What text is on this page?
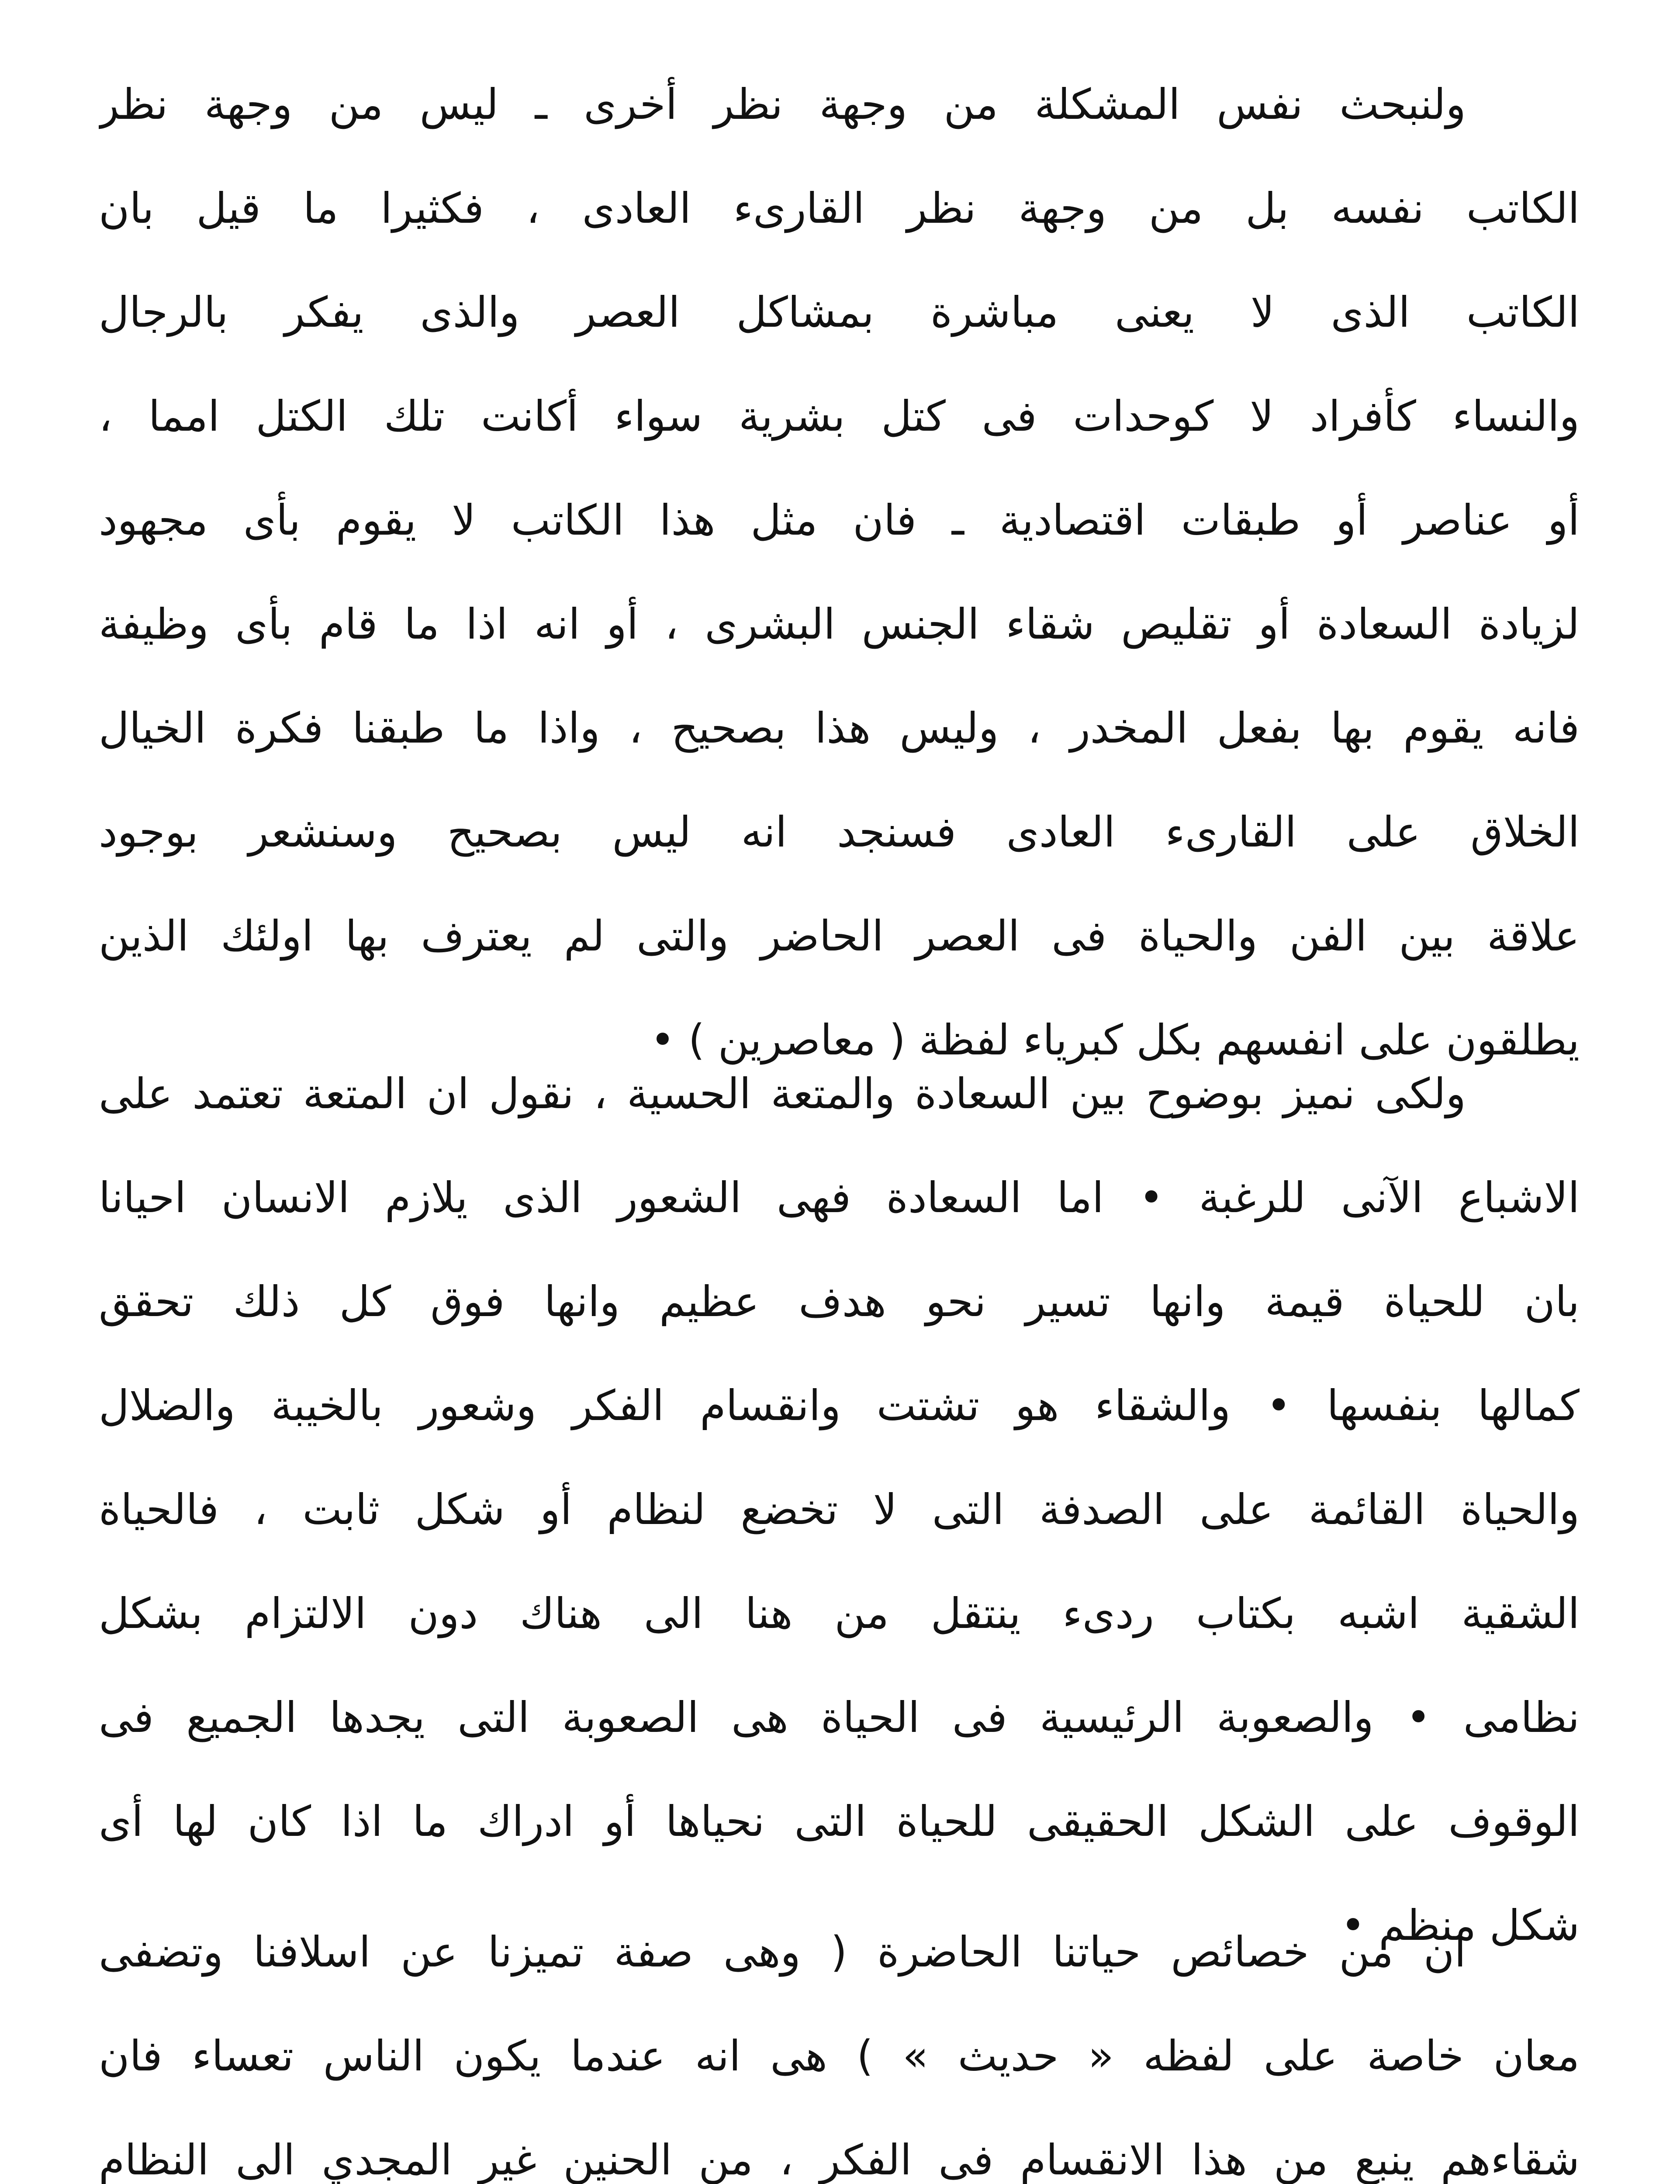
ولنبحث نفس المشكلة من وجهة نظر أخرى ـ ليس من وجهة نظر
الكاتب نفسه بل من وجهة نظر القارىء العادى ، فكثيرا ما قيل بان
الكاتب الذى لا يعنى مباشرة بمشاكل العصر والذى يفكر بالرجال
والنساء كأفراد لا كوحدات فى كتل بشرية سواء أكانت تلك الكتل امما ،
أو عناصر أو طبقات اقتصادية ـ فان مثل هذا الكاتب لا يقوم بأى مجهود
لزيادة السعادة أو تقليص شقاء الجنس البشرى ، أو انه اذا ما قام بأى وظيفة
فانه يقوم بها بفعل المخدر ، وليس هذا بصحيح ، واذا ما طبقنا فكرة الخيال
الخلاق على القارىء العادى فسنجد انه ليس بصحيح وسنشعر بوجود
علاقة بين الفن والحياة فى العصر الحاضر والتى لم يعترف بها اولئك الذين
يطلقون على انفسهم بكل كبرياء لفظة ( معاصرين ) •
ولكى نميز بوضوح بين السعادة والمتعة الحسية ، نقول ان المتعة تعتمد على
الاشباع الآنى للرغبة • اما السعادة فهى الشعور الذى يلازم الانسان احيانا
بان للحياة قيمة وانها تسير نحو هدف عظيم وانها فوق كل ذلك تحقق
كمالها بنفسها • والشقاء هو تشتت وانقسام الفكر وشعور بالخيبة والضلال
والحياة القائمة على الصدفة التى لا تخضع لنظام أو شكل ثابت ، فالحياة
الشقية اشبه بكتاب ردىء ينتقل من هنا الى هناك دون الالتزام بشكل
نظامى • والصعوبة الرئيسية فى الحياة هى الصعوبة التى يجدها الجميع فى
الوقوف على الشكل الحقيقى للحياة التى نحياها أو ادراك ما اذا كان لها أى
شكل منظم •
ان من خصائص حياتنا الحاضرة ( وهى صفة تميزنا عن اسلافنا وتضفى
معان خاصة على لفظه « حديث » ) هى انه عندما يكون الناس تعساء فان
شقاءهم ينبع من هذا الانقسام فى الفكر ، من الحنين غير المجدي الى النظام
